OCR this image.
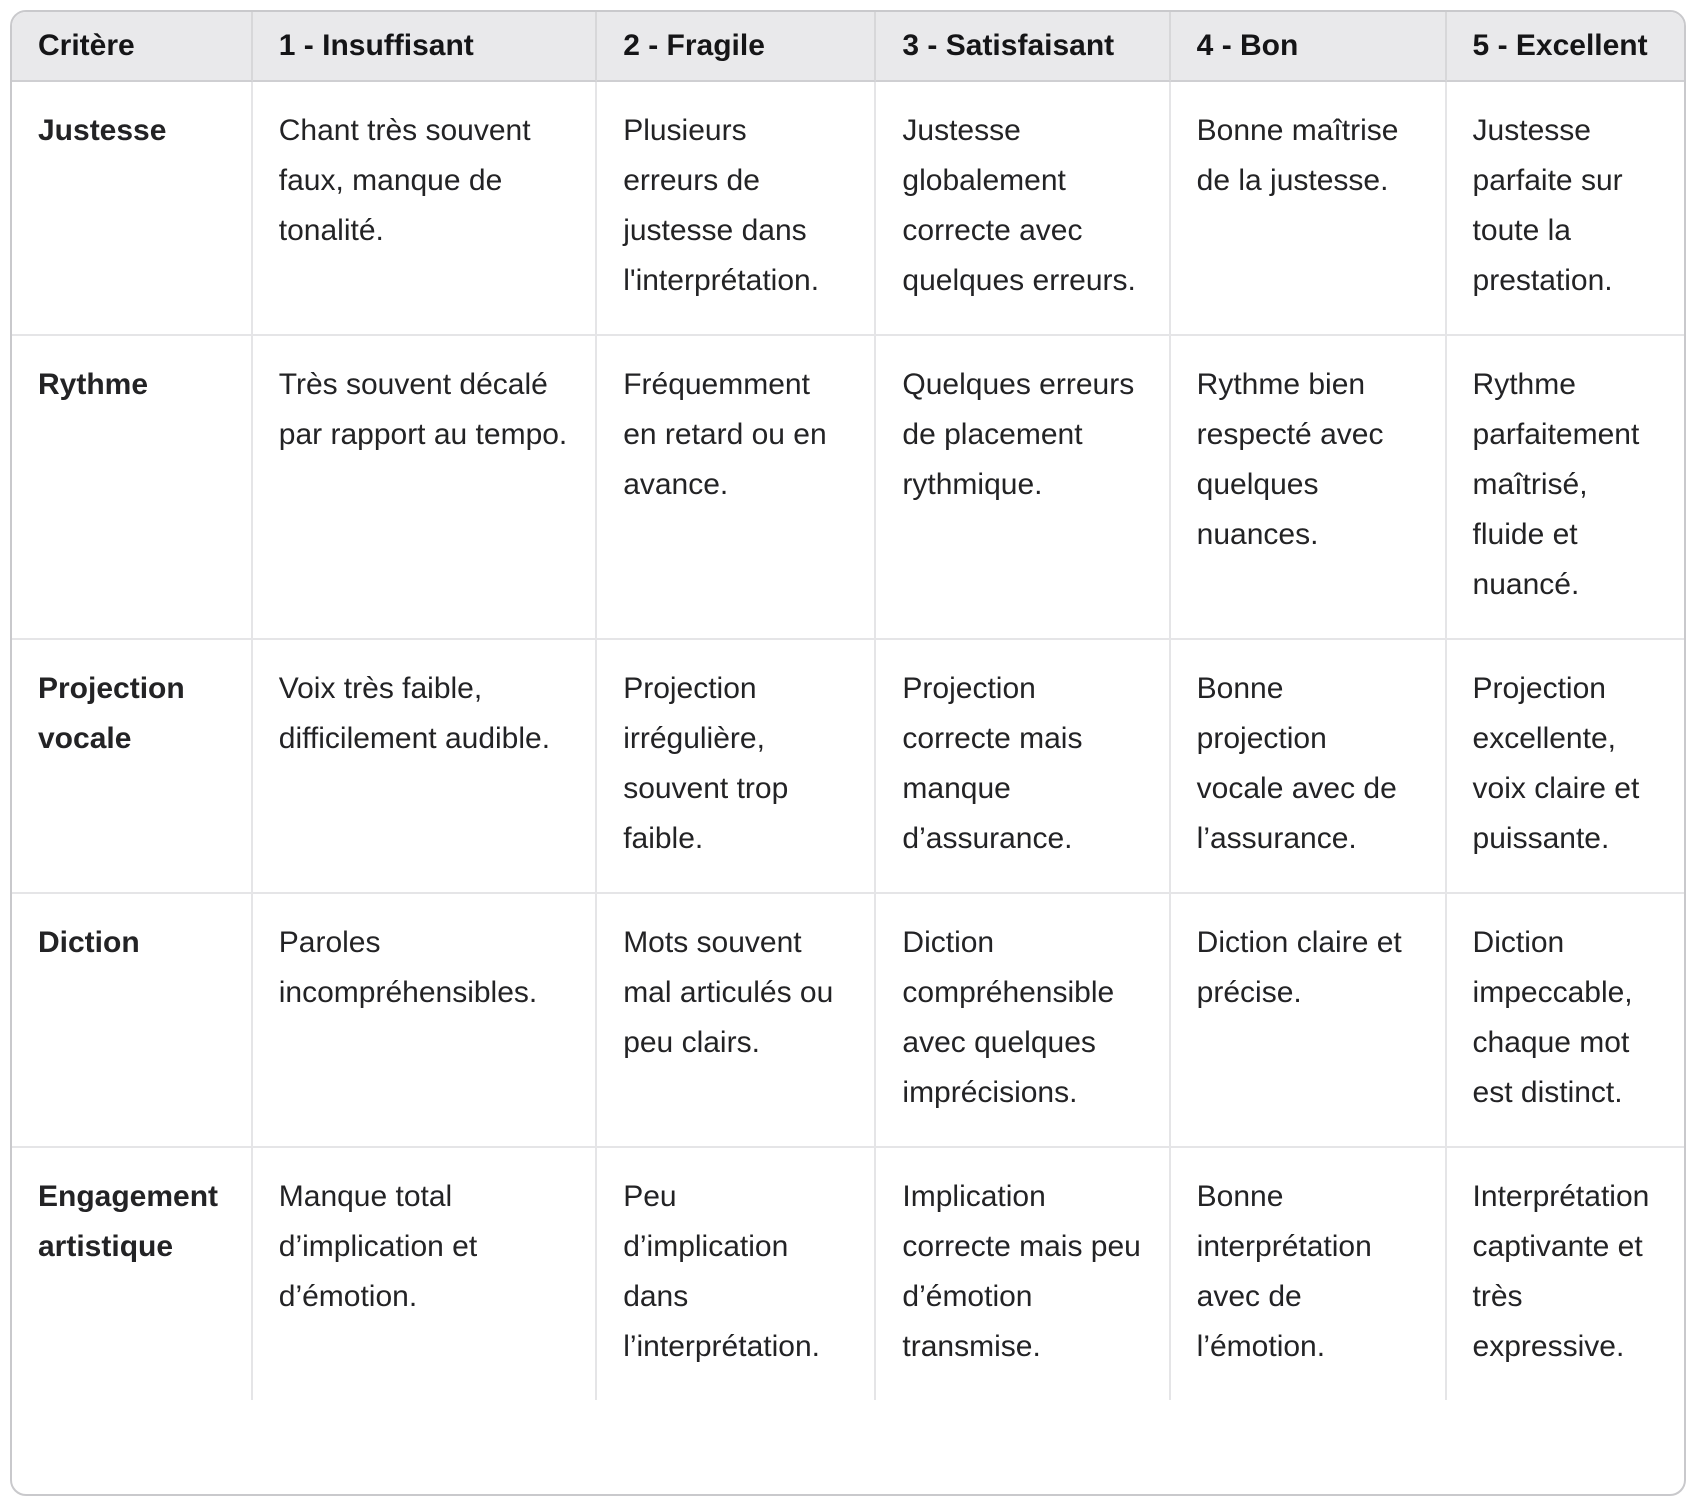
Critère	1 - Insuffisant	2 - Fragile	3 - Satisfaisant	4 - Bon	5 - Excellent
Justesse	Chant très souvent faux, manque de tonalité.	Plusieurs erreurs de justesse dans l'interprétation.	Justesse globalement correcte avec quelques erreurs.	Bonne maîtrise de la justesse.	Justesse parfaite sur toute la prestation.
Rythme	Très souvent décalé par rapport au tempo.	Fréquemment en retard ou en avance.	Quelques erreurs de placement rythmique.	Rythme bien respecté avec quelques nuances.	Rythme parfaitement maîtrisé, fluide et nuancé.
Projection vocale	Voix très faible, difficilement audible.	Projection irrégulière, souvent trop faible.	Projection correcte mais manque d’assurance.	Bonne projection vocale avec de l’assurance.	Projection excellente, voix claire et puissante.
Diction	Paroles incompréhensibles.	Mots souvent mal articulés ou peu clairs.	Diction compréhensible avec quelques imprécisions.	Diction claire et précise.	Diction impeccable, chaque mot est distinct.
Engagement artistique	Manque total d’implication et d’émotion.	Peu d’implication dans l’interprétation.	Implication correcte mais peu d’émotion transmise.	Bonne interprétation avec de l’émotion.	Interprétation captivante et très expressive.
